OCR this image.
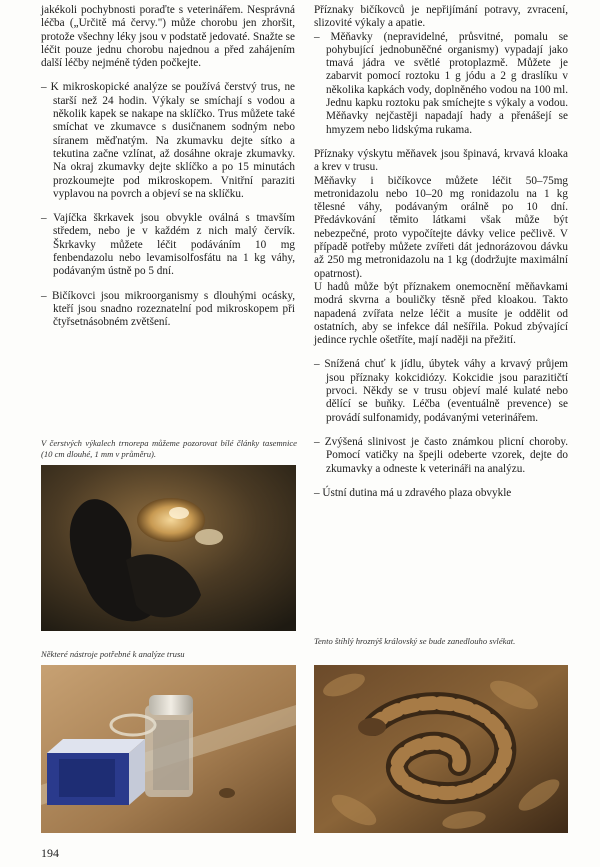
jakékoli pochybnosti poraďte s veterinářem. Nesprávná léčba („Určitě má červy.") může chorobu jen zhoršit, protože všechny léky jsou v podstatě jedovaté. Snažte se léčit pouze jednu chorobu najednou a před zahájením další léčby nejméně týden počkejte.

– K mikroskopické analýze se používá čerstvý trus, ne starší než 24 hodin. Výkaly se smíchají s vodou a několik kapek se nakape na sklíčko. Trus můžete také smíchat ve zkumavce s dusičnanem sodným nebo síranem měďnatým. Na zkumavku dejte sítko a tekutina začne vzlínat, až dosáhne okraje zkumavky. Na okraj zkumavky dejte sklíčko a po 15 minutách prozkoumejte pod mikroskopem. Vnitřní paraziti vyplavou na povrch a objeví se na sklíčku.

– Vajíčka škrkavek jsou obvykle oválná s tmavším středem, nebo je v každém z nich malý červík. Škrkavky můžete léčit podáváním 10 mg fenbendazolu nebo levamisolfosfátu na 1 kg váhy, podávaným ústně po 5 dní.

– Bičíkovci jsou mikroorganismy s dlouhými ocásky, kteří jsou snadno rozeznatelní pod mikroskopem při čtyřsetnásobném zvětšení.

Příznaky bičíkovců je nepřijímání potravy, zvracení, slizovité výkaly a apatie.

– Měňavky (nepravidelné, průsvitné, pomalu se pohybující jednobuněčné organismy) vypadají jako tmavá jádra ve světlé protoplazmě. Můžete je zabarvit pomocí roztoku 1 g jódu a 2 g draslíku v několika kapkách vody, doplněného vodou na 100 ml. Jednu kapku roztoku pak smíchejte s výkaly a vodou. Měňavky nejčastěji napadají hady a přenášejí se hmyzem nebo lidskýma rukama.

Příznaky výskytu měňavek jsou špinavá, krvavá kloaka a krev v trusu.

Měňavky i bičíkovce můžete léčit 50–75mg metronidazolu nebo 10–20 mg ronidazolu na 1 kg tělesné váhy, podávaným orálně po 10 dní. Předávkování těmito látkami však může být nebezpečné, proto vypočítejte dávky velice pečlivě. V případě potřeby můžete zvířeti dát jednorázovou dávku až 250 mg metronidazolu na 1 kg (dodržujte maximální opatrnost).

U hadů může být příznakem onemocnění měňavkami modrá skvrna a bouličky těsně před kloakou. Takto napadená zvířata nelze léčit a musíte je oddělit od ostatních, aby se infekce dál nešířila. Pokud zbývající jedince rychle ošetříte, mají naději na přežití.

– Snížená chuť k jídlu, úbytek váhy a krvavý průjem jsou příznaky kokcidiózy. Kokcidie jsou parazitičtí prvoci. Někdy se v trusu objeví malé kulaté nebo dělící se buňky. Léčba (eventuálně prevence) se provádí sulfonamidy, podávanými veterinářem.

– Zvýšená slinivost je často známkou plicní choroby. Pomocí vatičky na špejli odeberte vzorek, dejte do zkumavky a odneste k veterináři na analýzu.

– Ústní dutina má u zdravého plaza obvykle

V čerstvých výkalech trnorepa můžeme pozorovat bílé články tasemnice (10 cm dlouhé, 1 mm v průměru).
Některé nástroje potřebné k analýze trusu
Tento štíhlý hroznýš královský se bude zanedlouho svlékat.
194
